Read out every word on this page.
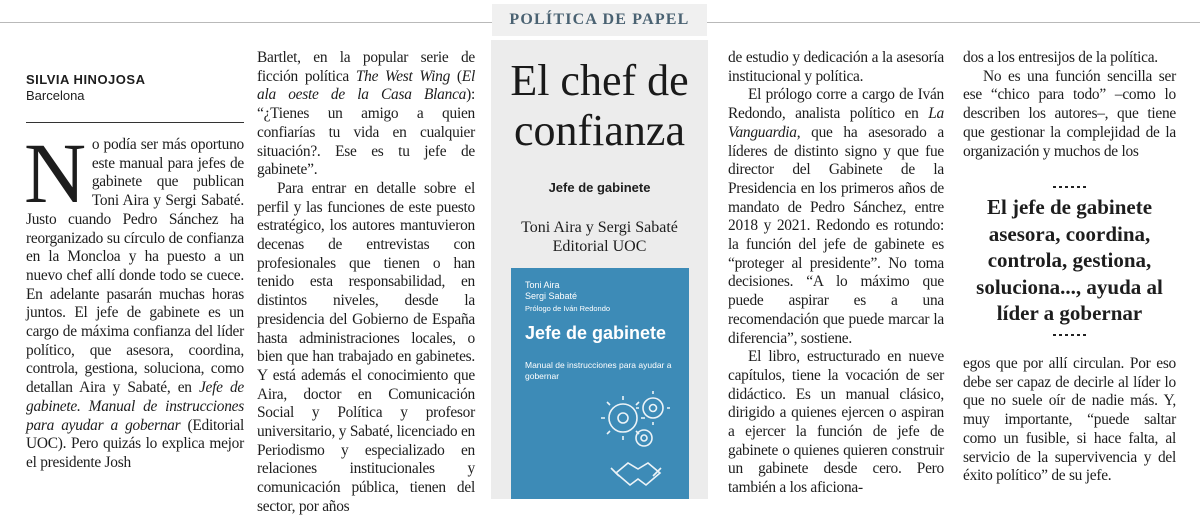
POLÍTICA DE PAPEL
SILVIA HINOJOSA
Barcelona

No podía ser más oportuno este manual para jefes de gabinete que publican Toni Aira y Sergi Sabaté. Justo cuando Pedro Sánchez ha reorganizado su círculo de confianza en la Moncloa y ha puesto a un nuevo chef allí donde todo se cuece. En adelante pasarán muchas horas juntos. El jefe de gabinete es un cargo de máxima confianza del líder político, que asesora, coordina, controla, gestiona, soluciona, como detallan Aira y Sabaté, en Jefe de gabinete. Manual de instrucciones para ayudar a gobernar (Editorial UOC). Pero quizás lo explica mejor el presidente Josh

Bartlet, en la popular serie de ficción política The West Wing (El ala oeste de la Casa Blanca): “¿Tienes un amigo a quien confiarías tu vida en cualquier situación?. Ese es tu jefe de gabinete”.

Para entrar en detalle sobre el perfil y las funciones de este puesto estratégico, los autores mantuvieron decenas de entrevistas con profesionales que tienen o han tenido esta responsabilidad, en distintos niveles, desde la presidencia del Gobierno de España hasta administraciones locales, o bien que han trabajado en gabinetes. Y está además el conocimiento que Aira, doctor en Comunicación Social y Política y profesor universitario, y Sabaté, licenciado en Periodismo y especializado en relaciones institucionales y comunicación pública, tienen del sector, por años

El chef de confianza
Jefe de gabinete
Toni Aira y Sergi Sabaté
Editorial UOC
Toni Aira
Sergi Sabaté
Prólogo de Iván Redondo
Jefe de gabinete
Manual de instrucciones para ayudar a gobernar

de estudio y dedicación a la asesoría institucional y política.

El prólogo corre a cargo de Iván Redondo, analista político en La Vanguardia, que ha asesorado a líderes de distinto signo y que fue director del Gabinete de la Presidencia en los primeros años de mandato de Pedro Sánchez, entre 2018 y 2021. Redondo es rotundo: la función del jefe de gabinete es “proteger al presidente”. No toma decisiones. “A lo máximo que puede aspirar es a una recomendación que puede marcar la diferencia”, sostiene.

El libro, estructurado en nueve capítulos, tiene la vocación de ser didáctico. Es un manual clásico, dirigido a quienes ejercen o aspiran a ejercer la función de jefe de gabinete o quienes quieren construir un gabinete desde cero. Pero también a los aficiona-

dos a los entresijos de la política.

No es una función sencilla ser ese “chico para todo” –como lo describen los autores–, que tiene que gestionar la complejidad de la organización y muchos de los

El jefe de gabinete asesora, coordina, controla, gestiona, soluciona..., ayuda al líder a gobernar

egos que por allí circulan. Por eso debe ser capaz de decirle al líder lo que no suele oír de nadie más. Y, muy importante, “puede saltar como un fusible, si hace falta, al servicio de la supervivencia y del éxito político” de su jefe.
